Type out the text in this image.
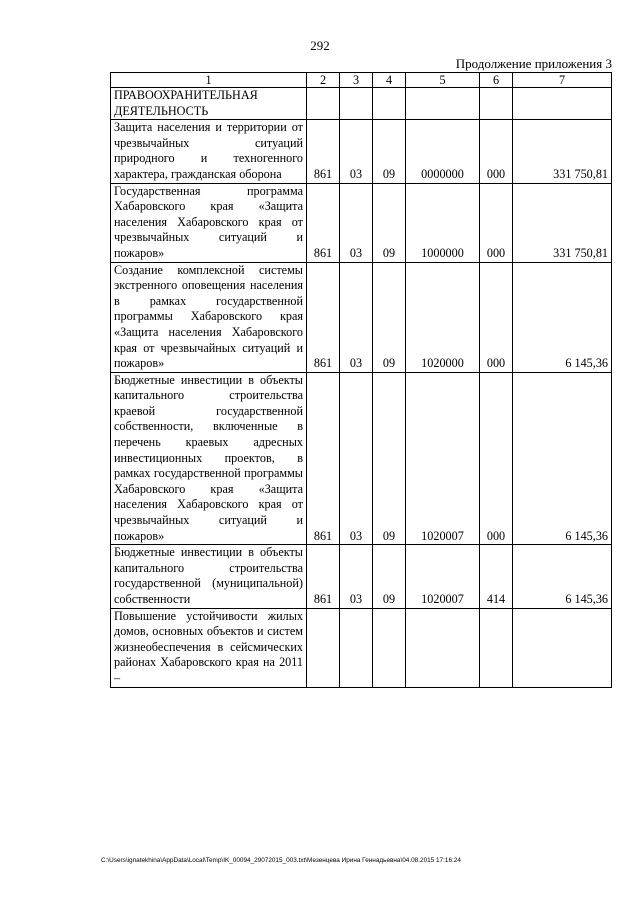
292
Продолжение приложения 3
1	2	3	4	5	6	7
ПРАВООХРАНИТЕЛЬНАЯ ДЕЯТЕЛЬНОСТЬ						
Защита населения и территории от чрезвычайных ситуаций природного и техногенного характера, гражданская оборона	861	03	09	0000000	000	331 750,81
Государственная программа Хабаровского края «Защита населения Хабаровского края от чрезвычайных ситуаций и пожаров»	861	03	09	1000000	000	331 750,81
Создание комплексной системы экстренного оповещения населения в рамках государственной программы Хабаровского края «Защита населения Хабаровского края от чрезвычайных ситуаций и пожаров»	861	03	09	1020000	000	6 145,36
Бюджетные инвестиции в объекты капитального строительства краевой государственной собственности, включенные в перечень краевых адресных инвестиционных проектов, в рамках государственной программы Хабаровского края «Защита населения Хабаровского края от чрезвычайных ситуаций и пожаров»	861	03	09	1020007	000	6 145,36
Бюджетные инвестиции в объекты капитального строительства государственной (муниципальной) собственности	861	03	09	1020007	414	6 145,36
Повышение устойчивости жилых домов, основных объектов и систем жизнеобеспечения в сейсмических районах Хабаровского края на 2011 –						
C:\Users\ignatekhina\AppData\Local\Temp\IK_00094_29072015_003.txt\Мезенцева Ирина Геннадьевна\04.08.2015 17:16:24
